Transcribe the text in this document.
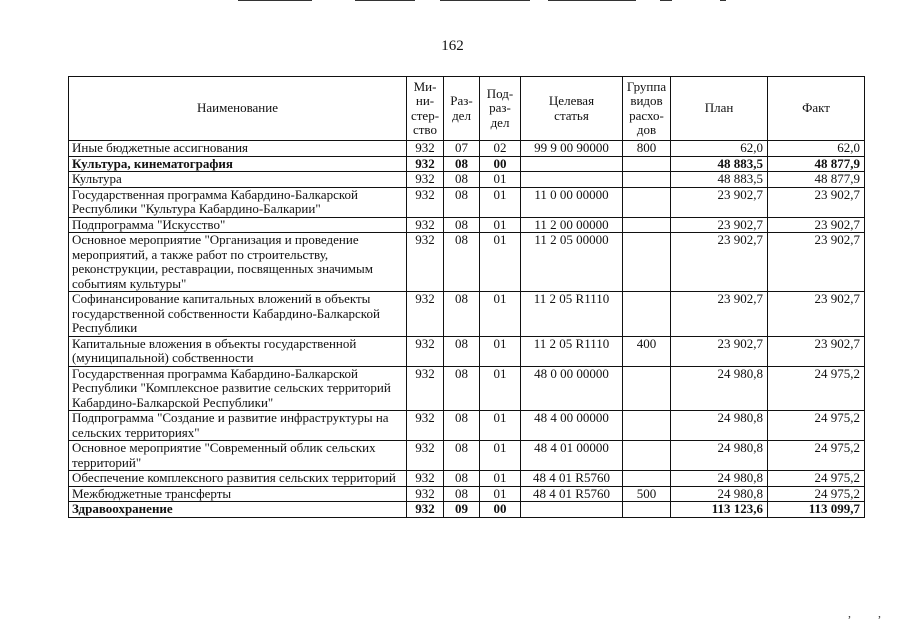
162
Наименование	Ми-
ни-
стер-
ство	Раз-
дел	Под-
раз-
дел	Целевая
статья	Группа
видов
расхо-
дов	План	Факт
Иные бюджетные ассигнования	932	07	02	99 9 00 90000	800	62,0	62,0
Культура, кинематография	932	08	00			48 883,5	48 877,9
Культура	932	08	01			48 883,5	48 877,9
Государственная программа Кабардино-Балкарской Республики "Культура Кабардино-Балкарии"	932	08	01	11 0 00 00000		23 902,7	23 902,7
Подпрограмма "Искусство"	932	08	01	11 2 00 00000		23 902,7	23 902,7
Основное мероприятие "Организация и проведение мероприятий, а также работ по строительству, реконструкции, реставрации, посвященных значимым событиям культуры"	932	08	01	11 2 05 00000		23 902,7	23 902,7
Софинансирование капитальных вложений в объекты государственной собственности Кабардино-Балкарской Республики	932	08	01	11 2 05 R1110		23 902,7	23 902,7
Капитальные вложения в объекты государственной (муниципальной) собственности	932	08	01	11 2 05 R1110	400	23 902,7	23 902,7
Государственная программа Кабардино-Балкарской Республики "Комплексное развитие сельских территорий Кабардино-Балкарской Республики"	932	08	01	48 0 00 00000		24 980,8	24 975,2
Подпрограмма "Создание и развитие инфраструктуры на сельских территориях"	932	08	01	48 4 00 00000		24 980,8	24 975,2
Основное мероприятие "Современный облик сельских территорий"	932	08	01	48 4 01 00000		24 980,8	24 975,2
Обеспечение комплексного развития сельских территорий	932	08	01	48 4 01 R5760		24 980,8	24 975,2
Межбюджетные трансферты	932	08	01	48 4 01 R5760	500	24 980,8	24 975,2
Здравоохранение	932	09	00			113 123,6	113 099,7
, ,
